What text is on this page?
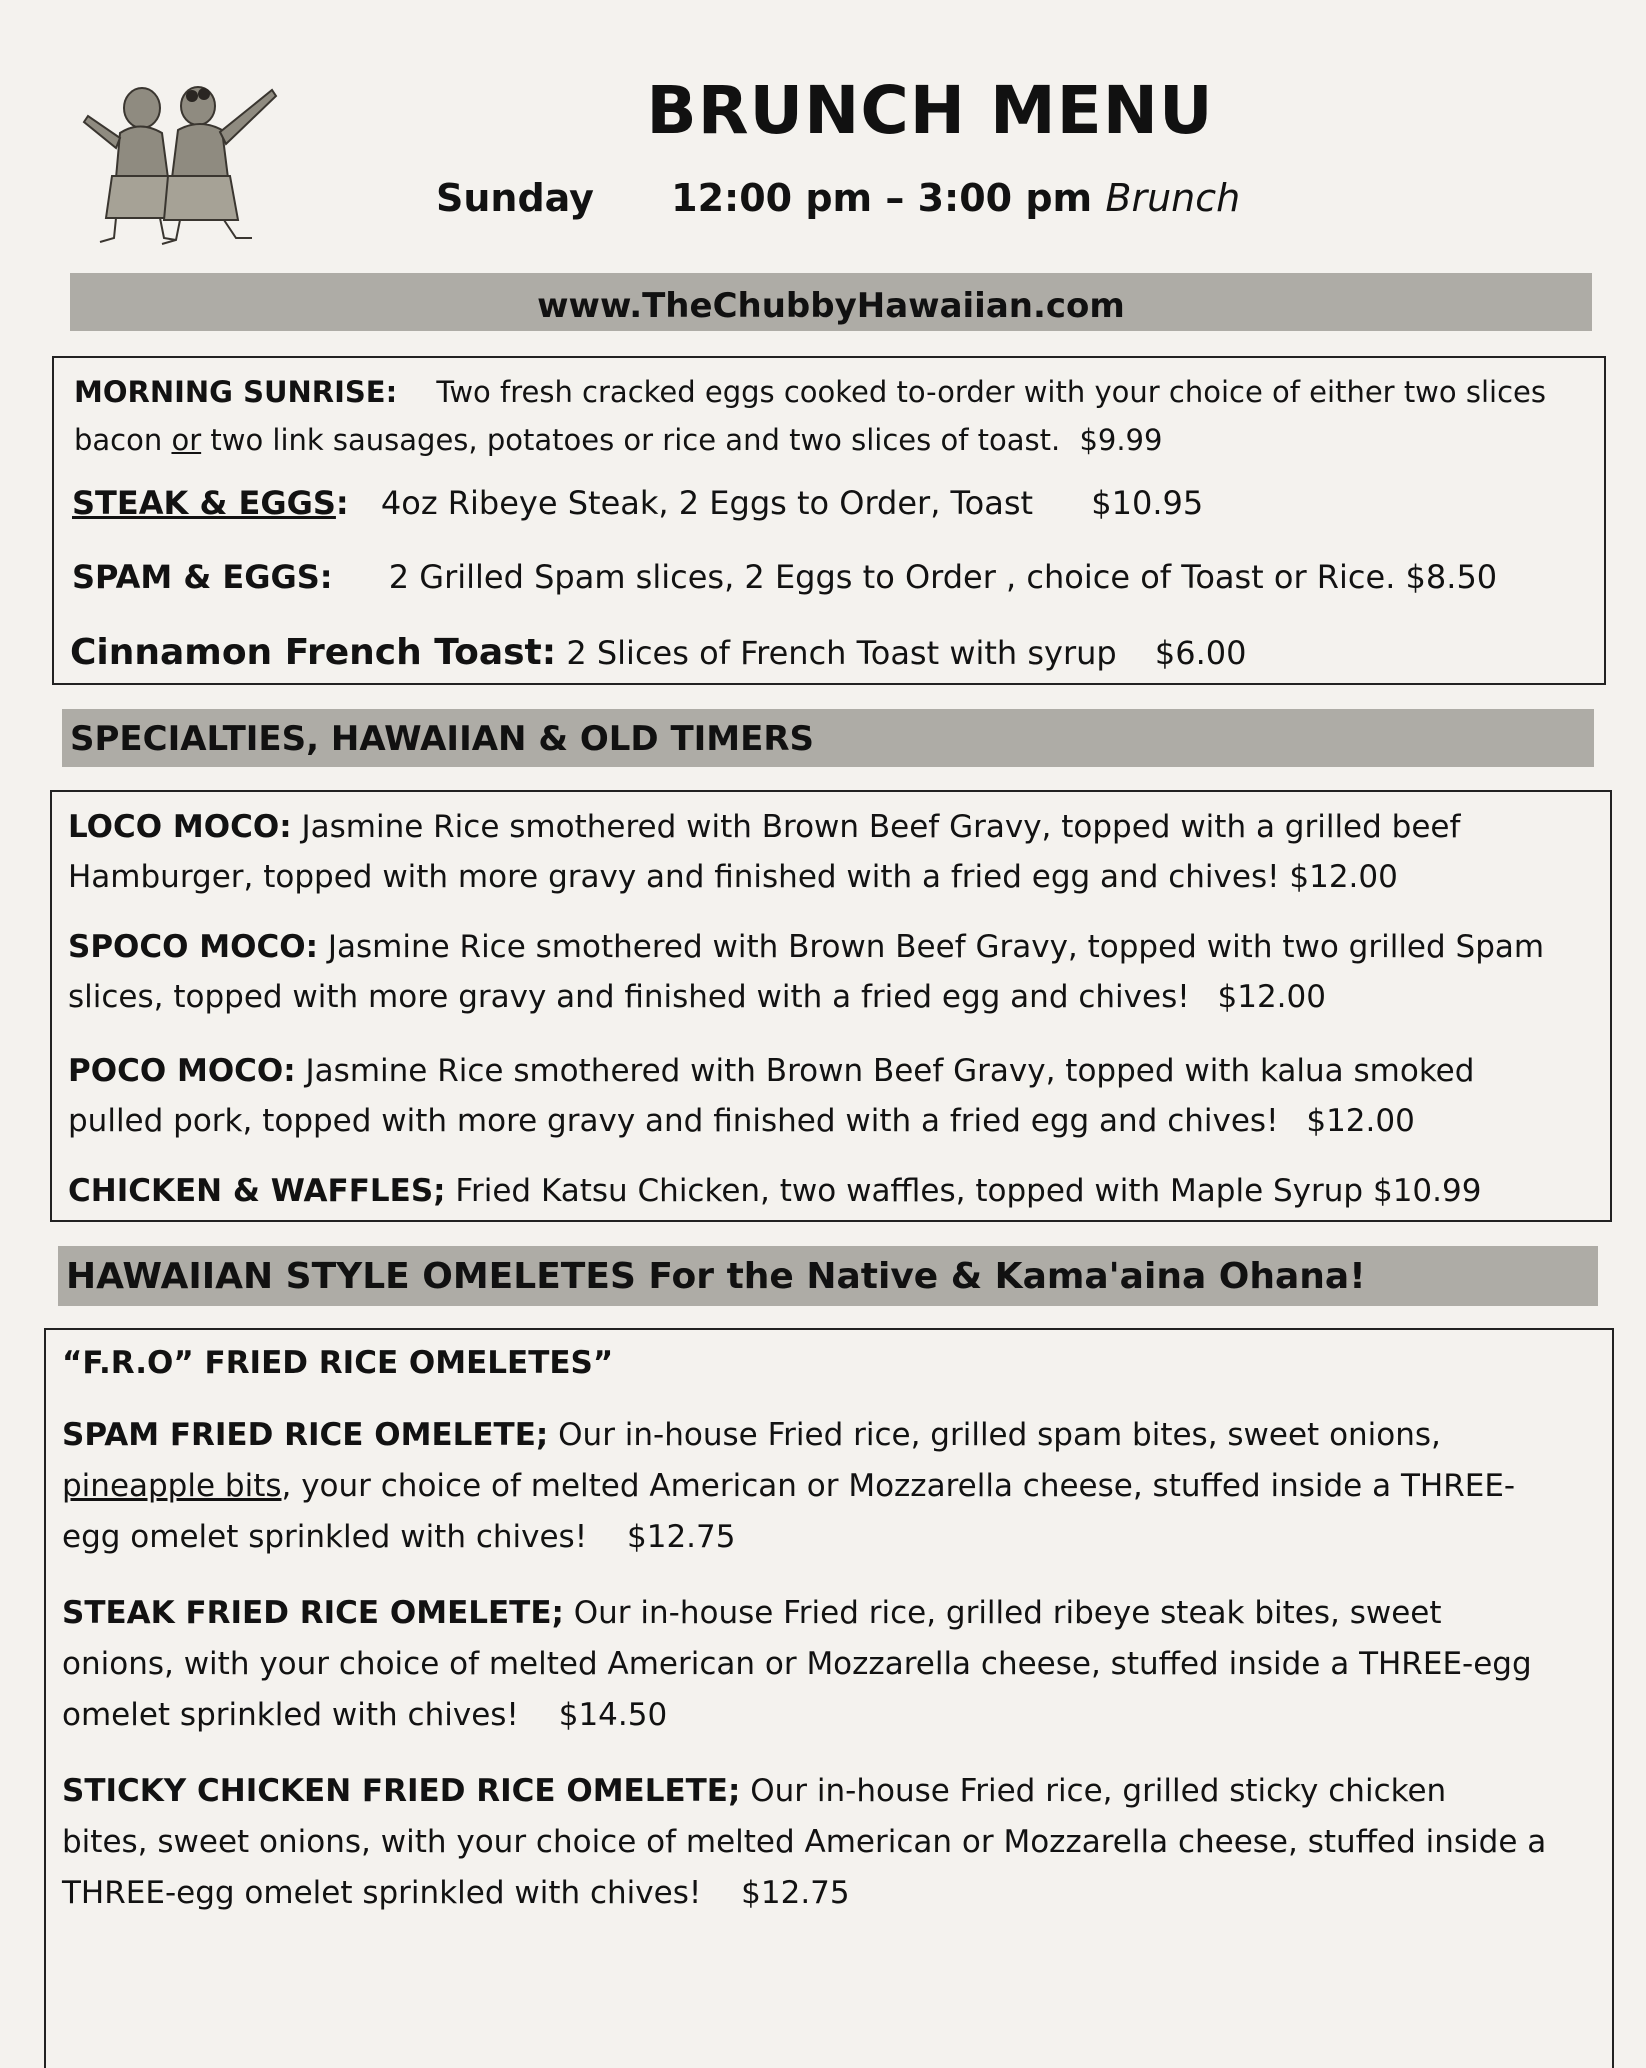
BRUNCH MENU
Sunday 12:00 pm – 3:00 pm Brunch
www.TheChubbyHawaiian.com
MORNING SUNRISE: Two fresh cracked eggs cooked to-order with your choice of either two slices
bacon or two link sausages, potatoes or rice and two slices of toast. $9.99
STEAK & EGGS: 4oz Ribeye Steak, 2 Eggs to Order, Toast $10.95
SPAM & EGGS: 2 Grilled Spam slices, 2 Eggs to Order , choice of Toast or Rice. $8.50
Cinnamon French Toast: 2 Slices of French Toast with syrup $6.00
SPECIALTIES, HAWAIIAN & OLD TIMERS
LOCO MOCO: Jasmine Rice smothered with Brown Beef Gravy, topped with a grilled beef
Hamburger, topped with more gravy and finished with a fried egg and chives! $12.00
SPOCO MOCO: Jasmine Rice smothered with Brown Beef Gravy, topped with two grilled Spam
slices, topped with more gravy and finished with a fried egg and chives! $12.00
POCO MOCO: Jasmine Rice smothered with Brown Beef Gravy, topped with kalua smoked
pulled pork, topped with more gravy and finished with a fried egg and chives! $12.00
CHICKEN & WAFFLES; Fried Katsu Chicken, two waffles, topped with Maple Syrup $10.99
HAWAIIAN STYLE OMELETES For the Native & Kama'aina Ohana!
“F.R.O” FRIED RICE OMELETES”
SPAM FRIED RICE OMELETE; Our in-house Fried rice, grilled spam bites, sweet onions,
pineapple bits, your choice of melted American or Mozzarella cheese, stuffed inside a THREE-
egg omelet sprinkled with chives! $12.75
STEAK FRIED RICE OMELETE; Our in-house Fried rice, grilled ribeye steak bites, sweet
onions, with your choice of melted American or Mozzarella cheese, stuffed inside a THREE-egg
omelet sprinkled with chives! $14.50
STICKY CHICKEN FRIED RICE OMELETE; Our in-house Fried rice, grilled sticky chicken
bites, sweet onions, with your choice of melted American or Mozzarella cheese, stuffed inside a
THREE-egg omelet sprinkled with chives! $12.75
